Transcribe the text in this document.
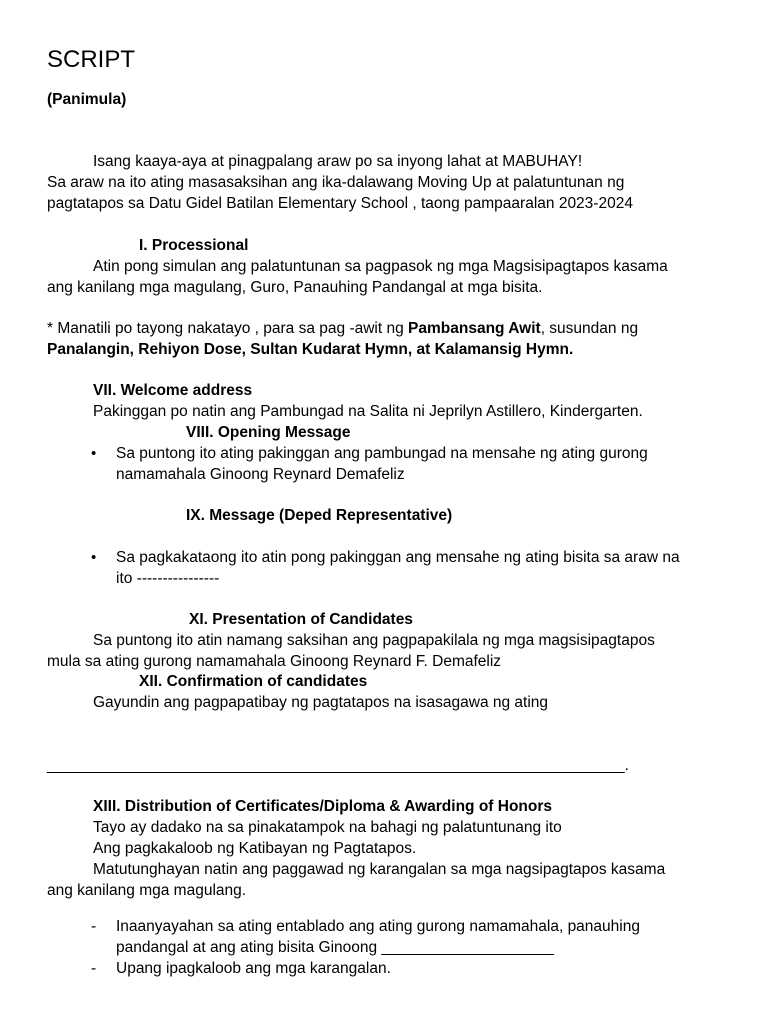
SCRIPT
(Panimula)
Isang kaaya-aya at pinagpalang araw po sa inyong lahat at MABUHAY!
Sa araw na ito ating masasaksihan ang ika-dalawang Moving Up at palatuntunan ng
pagtatapos sa Datu Gidel Batilan Elementary School , taong pampaaralan 2023-2024
I. Processional
Atin pong simulan ang palatuntunan sa pagpasok ng mga Magsisipagtapos kasama
ang kanilang mga magulang, Guro, Panauhing Pandangal at mga bisita.
* Manatili po tayong nakatayo , para sa pag -awit ng Pambansang Awit, susundan ng
Panalangin, Rehiyon Dose, Sultan Kudarat Hymn, at Kalamansig Hymn.
VII. Welcome address
Pakinggan po natin ang Pambungad na Salita ni Jeprilyn Astillero, Kindergarten.
VIII. Opening Message
• Sa puntong ito ating pakinggan ang pambungad na mensahe ng ating gurong
namamahala Ginoong Reynard Demafeliz
IX. Message (Deped Representative)
• Sa pagkakataong ito atin pong pakinggan ang mensahe ng ating bisita sa araw na
ito ----------------
XI. Presentation of Candidates
Sa puntong ito atin namang saksihan ang pagpapakilala ng mga magsisipagtapos
mula sa ating gurong namamahala Ginoong Reynard F. Demafeliz
XII. Confirmation of candidates
Gayundin ang pagpapatibay ng pagtatapos na isasagawa ng ating
___________________________________________________________________.
XIII. Distribution of Certificates/Diploma & Awarding of Honors
Tayo ay dadako na sa pinakatampok na bahagi ng palatuntunang ito
Ang pagkakaloob ng Katibayan ng Pagtatapos.
Matutunghayan natin ang paggawad ng karangalan sa mga nagsipagtapos kasama
ang kanilang mga magulang.
- Inaanyayahan sa ating entablado ang ating gurong namamahala, panauhing
pandangal at ang ating bisita Ginoong ____________________
- Upang ipagkaloob ang mga karangalan.
